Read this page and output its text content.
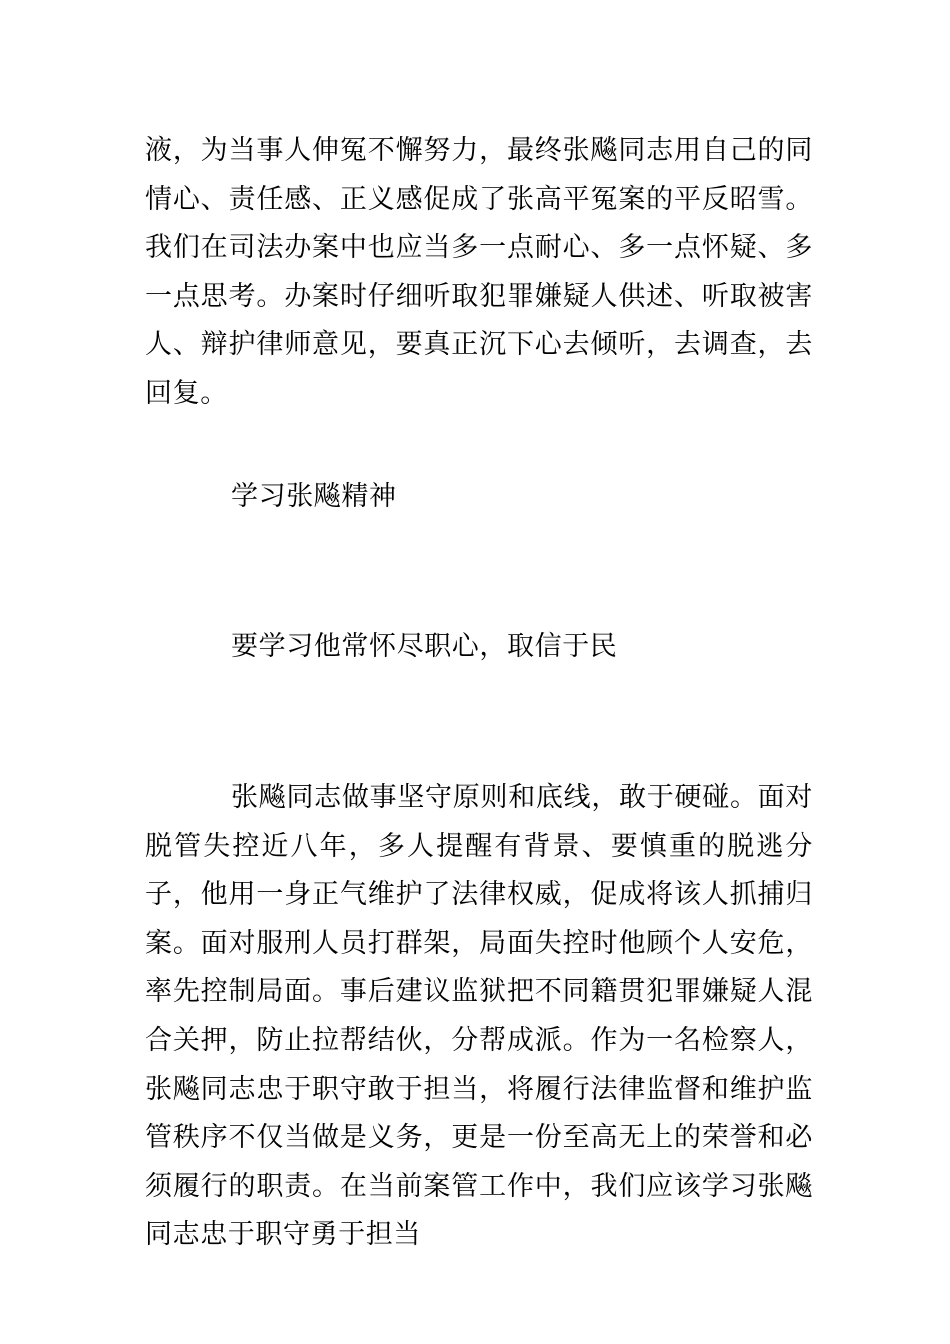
液，为当事人伸冤不懈努力，最终张飚同志用自己的同情心、责任感、正义感促成了张高平冤案的平反昭雪。我们在司法办案中也应当多一点耐心、多一点怀疑、多一点思考。办案时仔细听取犯罪嫌疑人供述、听取被害人、辩护律师意见，要真正沉下心去倾听，去调查，去回复。

学习张飚精神

要学习他常怀尽职心，取信于民

张飚同志做事坚守原则和底线，敢于硬碰。面对脱管失控近八年，多人提醒有背景、要慎重的脱逃分子，他用一身正气维护了法律权威，促成将该人抓捕归案。面对服刑人员打群架，局面失控时他顾个人安危，率先控制局面。事后建议监狱把不同籍贯犯罪嫌疑人混合关押，防止拉帮结伙，分帮成派。作为一名检察人，张飚同志忠于职守敢于担当，将履行法律监督和维护监管秩序不仅当做是义务，更是一份至高无上的荣誉和必须履行的职责。在当前案管工作中，我们应该学习张飚同志忠于职守勇于担当
